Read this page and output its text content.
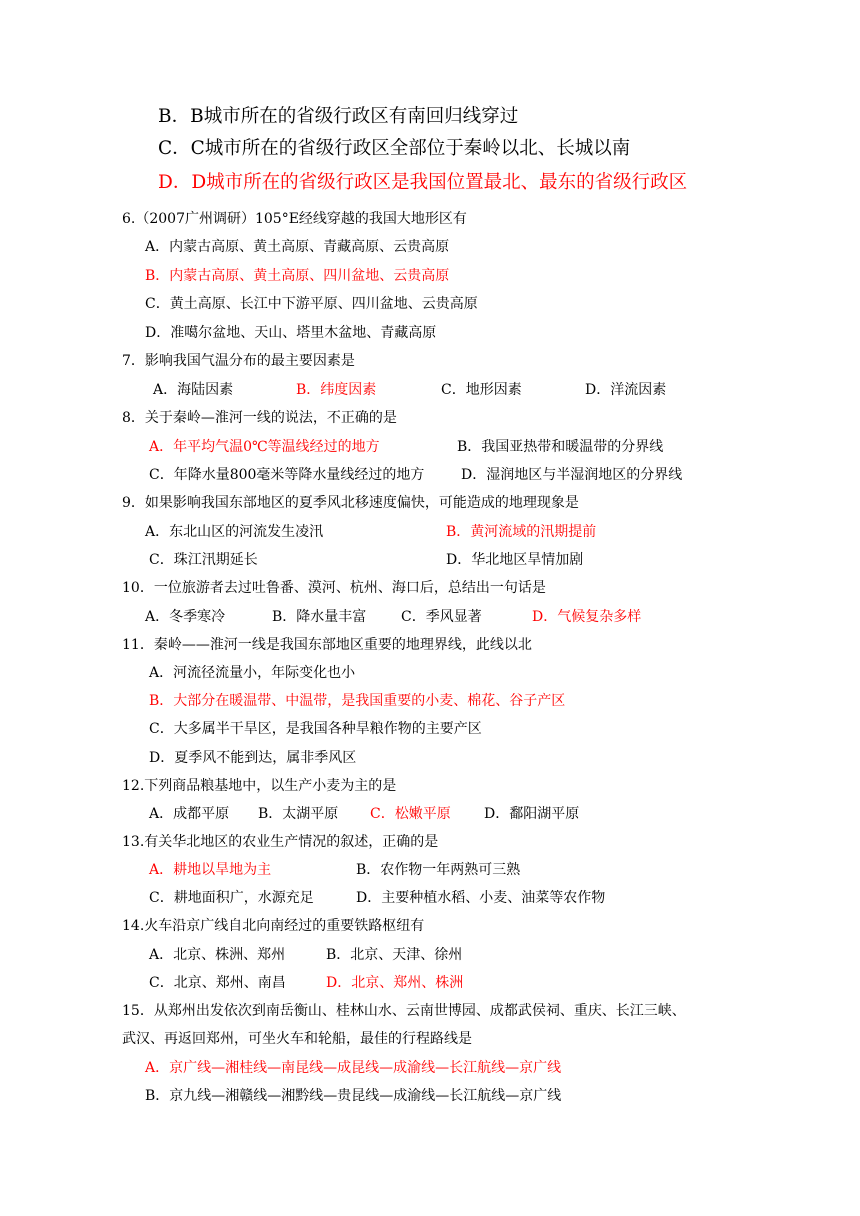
B．B城市所在的省级行政区有南回归线穿过
C．C城市所在的省级行政区全部位于秦岭以北、长城以南
D．D城市所在的省级行政区是我国位置最北、最东的省级行政区
6.（2007广州调研）105°E经线穿越的我国大地形区有
A．内蒙古高原、黄土高原、青藏高原、云贵高原
B．内蒙古高原、黄土高原、四川盆地、云贵高原
C．黄土高原、长江中下游平原、四川盆地、云贵高原
D．准噶尔盆地、天山、塔里木盆地、青藏高原
7．影响我国气温分布的最主要因素是
A．海陆因素	B．纬度因素	C．地形因素	D．洋流因素
8．关于秦岭—淮河一线的说法，不正确的是
A．年平均气温0℃等温线经过的地方	B．我国亚热带和暖温带的分界线
C．年降水量800毫米等降水量线经过的地方	D．湿润地区与半湿润地区的分界线
9．如果影响我国东部地区的夏季风北移速度偏快，可能造成的地理现象是
A．东北山区的河流发生凌汛	B．黄河流域的汛期提前
C．珠江汛期延长	D．华北地区旱情加剧
10．一位旅游者去过吐鲁番、漠河、杭州、海口后，总结出一句话是
A．冬季寒冷	B．降水量丰富 C．季风显著	D．气候复杂多样
11．秦岭——淮河一线是我国东部地区重要的地理界线，此线以北
A．河流径流量小，年际变化也小
B．大部分在暖温带、中温带，是我国重要的小麦、棉花、谷子产区
C．大多属半干旱区，是我国各种旱粮作物的主要产区
D．夏季风不能到达，属非季风区
12.下列商品粮基地中，以生产小麦为主的是
A．成都平原 B．太湖平原 C．松嫩平原 D．鄱阳湖平原
13.有关华北地区的农业生产情况的叙述，正确的是
A．耕地以旱地为主	B．农作物一年两熟可三熟
C．耕地面积广，水源充足	D．主要种植水稻、小麦、油菜等农作物
14.火车沿京广线自北向南经过的重要铁路枢纽有
A．北京、株洲、郑州	B．北京、天津、徐州
C．北京、郑州、南昌	D．北京、郑州、株洲
15．从郑州出发依次到南岳衡山、桂林山水、云南世博园、成都武侯祠、重庆、长江三峡、
武汉、再返回郑州，可坐火车和轮船，最佳的行程路线是
A．京广线—湘桂线—南昆线—成昆线—成渝线—长江航线—京广线
B．京九线—湘赣线—湘黔线—贵昆线—成渝线—长江航线—京广线
